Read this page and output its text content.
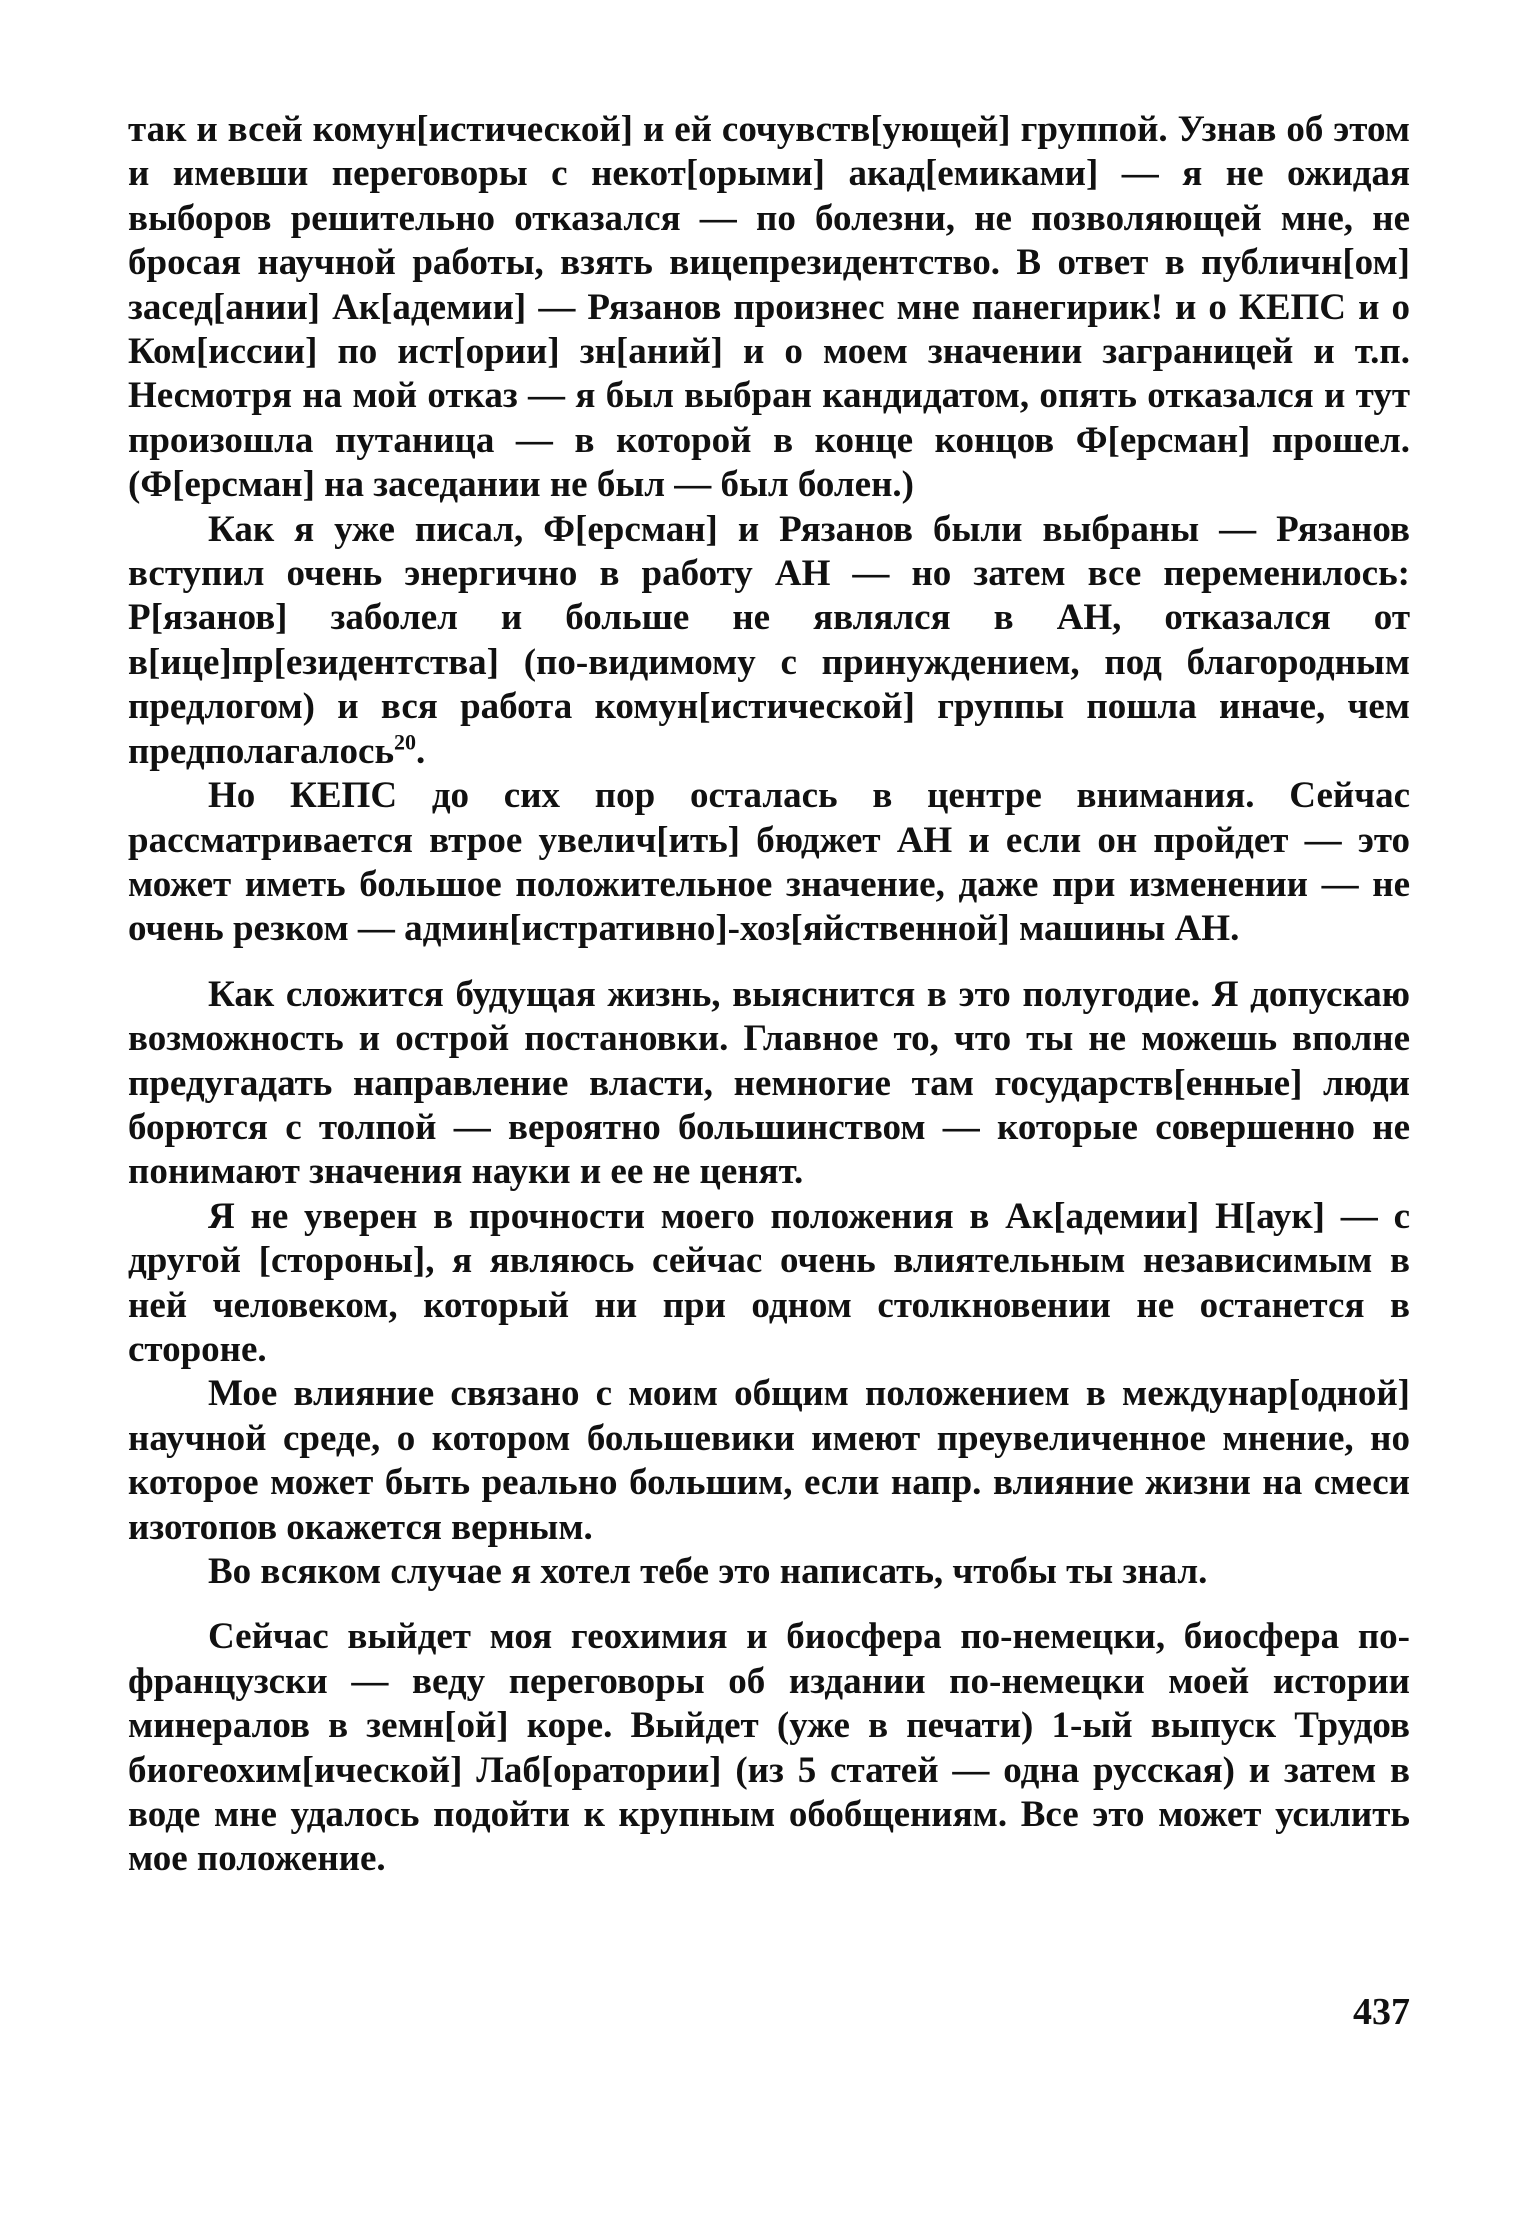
так и всей комун[истической] и ей сочувств[ующей] группой. Узнав об этом и имевши переговоры с некот[орыми] акад[емиками] — я не ожидая выборов решительно отказался — по болезни, не позволяющей мне, не бросая научной работы, взять вицепрезидентство. В ответ в публичн[ом] засед[ании] Ак[адемии] — Рязанов произнес мне панегирик! и о КЕПС и о Ком[иссии] по ист[ории] зн[аний] и о моем значении заграницей и т.п. Несмотря на мой отказ — я был выбран кандидатом, опять отказался и тут произошла путаница — в которой в конце концов Ф[ерсман] прошел. (Ф[ерсман] на заседании не был — был болен.)

Как я уже писал, Ф[ерсман] и Рязанов были выбраны — Рязанов вступил очень энергично в работу АН — но затем все переменилось: Р[язанов] заболел и больше не являлся в АН, отказался от в[ице]пр[езидентства] (по-видимому с принуждением, под благородным предлогом) и вся работа комун[истической] группы пошла иначе, чем предполагалось$^{20}$.

Но КЕПС до сих пор осталась в центре внимания. Сейчас рассматривается втрое увелич[ить] бюджет АН и если он пройдет — это может иметь большое положительное значение, даже при изменении — не очень резком — админ[истративно]-хоз[яйственной] машины АН.

Как сложится будущая жизнь, выяснится в это полугодие. Я допускаю возможность и острой постановки. Главное то, что ты не можешь вполне предугадать направление власти, немногие там государств[енные] люди борются с толпой — вероятно большинством — которые совершенно не понимают значения науки и ее не ценят.

Я не уверен в прочности моего положения в Ак[адемии] Н[аук] — с другой [стороны], я являюсь сейчас очень влиятельным независимым в ней человеком, который ни при одном столкновении не останется в стороне.

Мое влияние связано с моим общим положением в междунар[одной] научной среде, о котором большевики имеют преувеличенное мнение, но которое может быть реально большим, если напр. влияние жизни на смеси изотопов окажется верным.

Во всяком случае я хотел тебе это написать, чтобы ты знал.

Сейчас выйдет моя геохимия и биосфера по-немецки, биосфера по-французски — веду переговоры об издании по-немецки моей истории минералов в земн[ой] коре. Выйдет (уже в печати) 1-ый выпуск Трудов биогеохим[ической] Лаб[оратории] (из 5 статей — одна русская) и затем в воде мне удалось подойти к крупным обобщениям. Все это может усилить мое положение.

437
